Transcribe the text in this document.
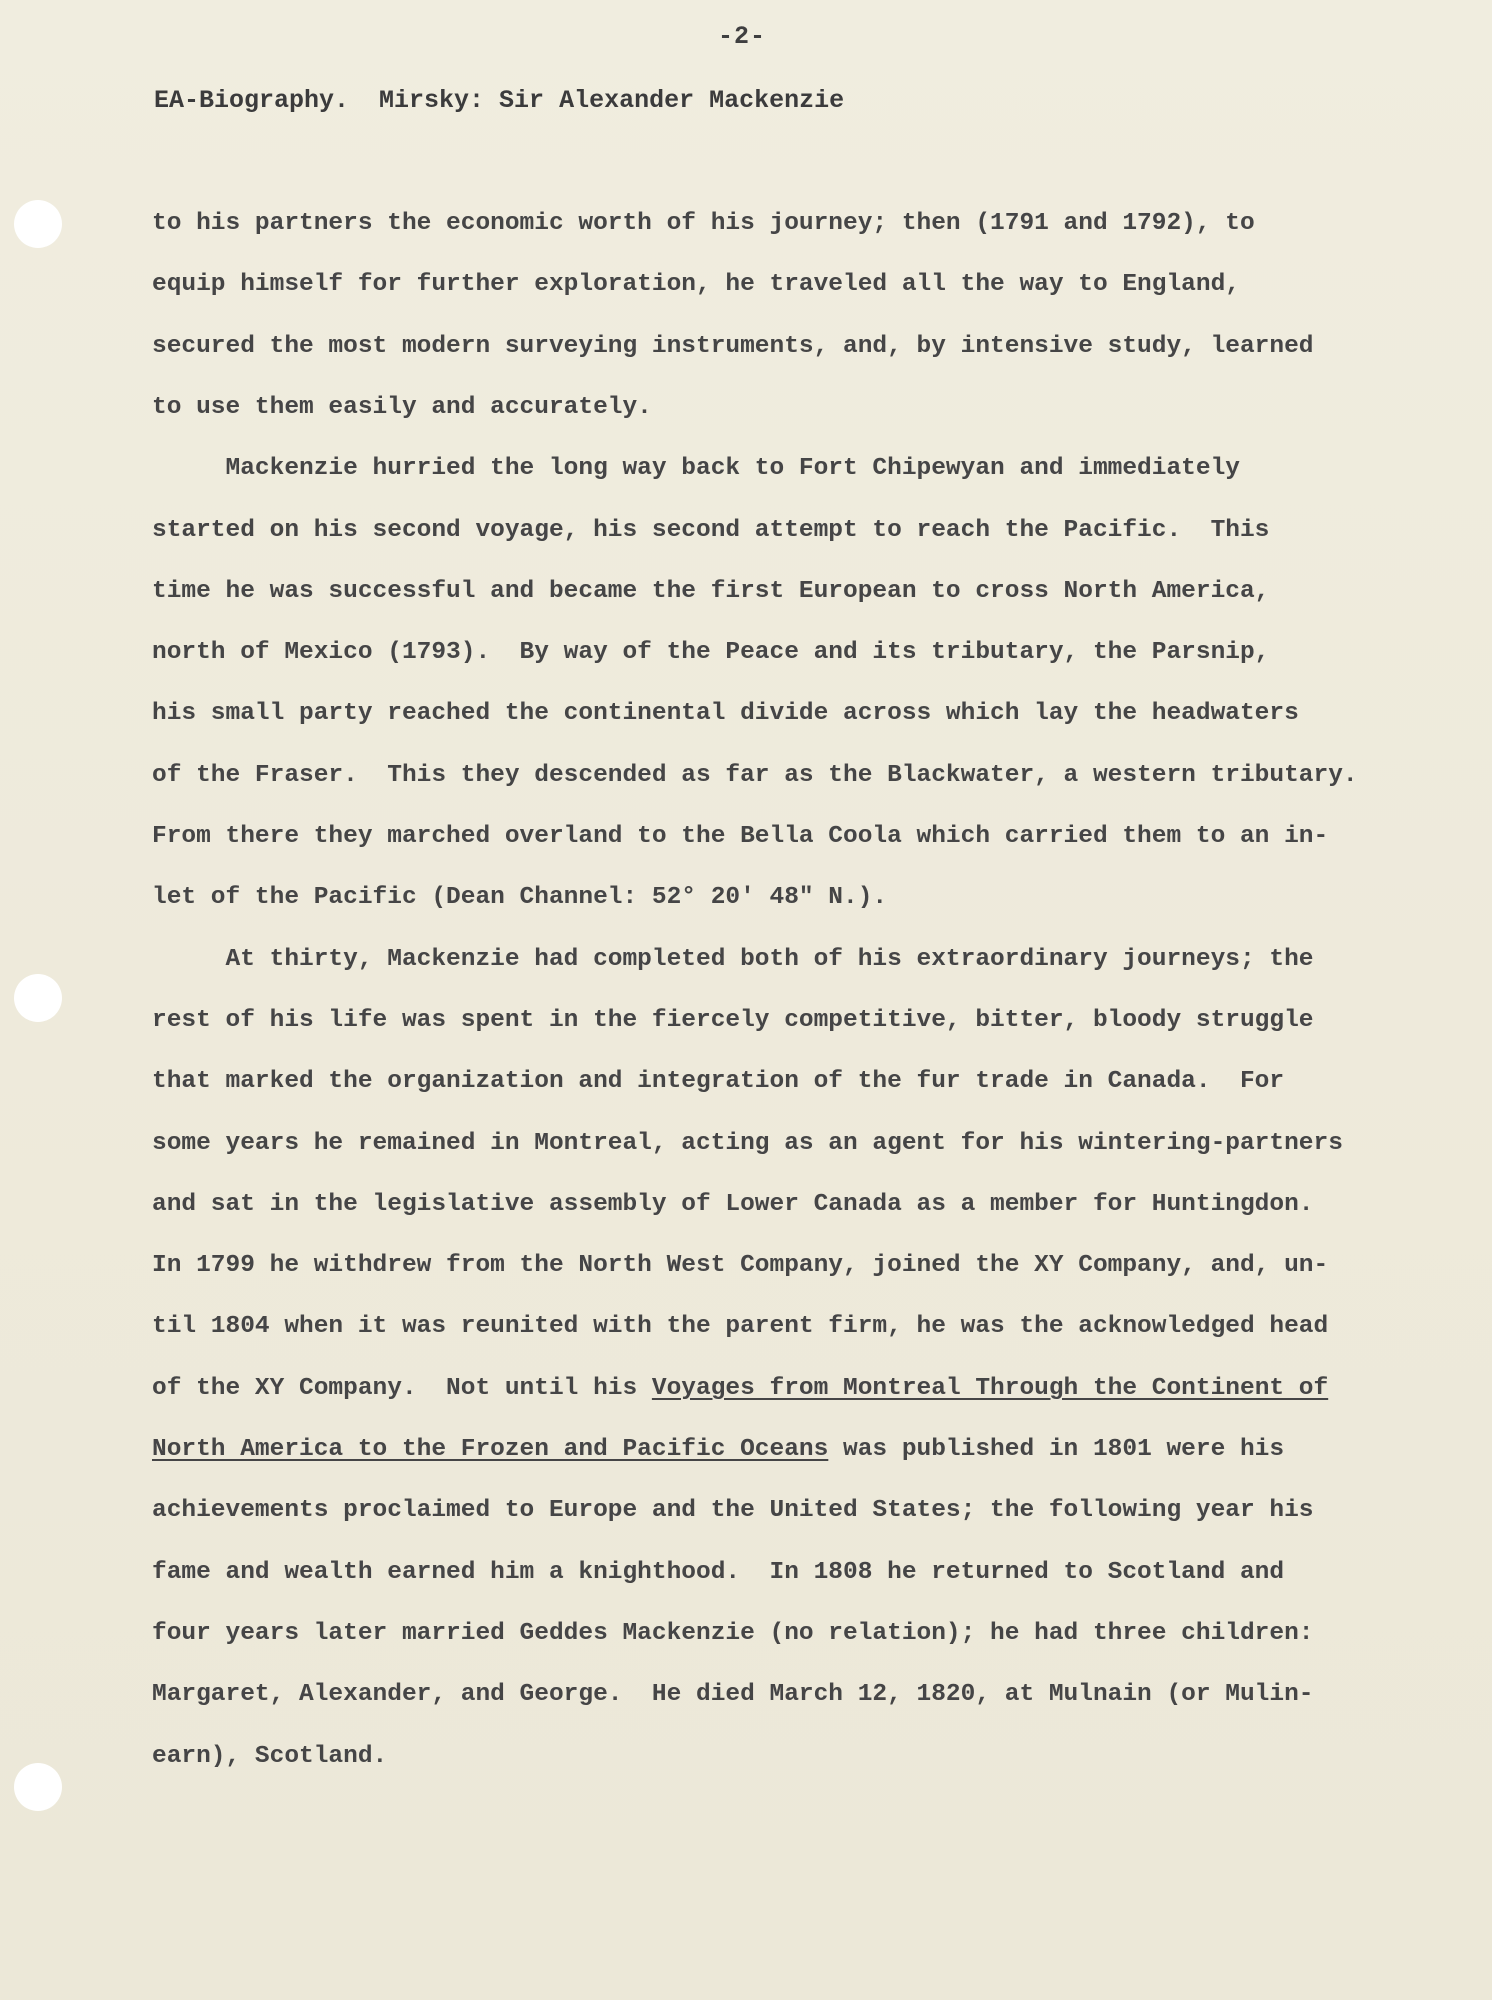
-2-
EA-Biography.  Mirsky: Sir Alexander Mackenzie
to his partners the economic worth of his journey; then (1791 and 1792), to
equip himself for further exploration, he traveled all the way to England,
secured the most modern surveying instruments, and, by intensive study, learned
to use them easily and accurately.
Mackenzie hurried the long way back to Fort Chipewyan and immediately
started on his second voyage, his second attempt to reach the Pacific.  This
time he was successful and became the first European to cross North America,
north of Mexico (1793).  By way of the Peace and its tributary, the Parsnip,
his small party reached the continental divide across which lay the headwaters
of the Fraser.  This they descended as far as the Blackwater, a western tributary.
From there they marched overland to the Bella Coola which carried them to an in-
let of the Pacific (Dean Channel: 52° 20' 48" N.).
At thirty, Mackenzie had completed both of his extraordinary journeys; the
rest of his life was spent in the fiercely competitive, bitter, bloody struggle
that marked the organization and integration of the fur trade in Canada.  For
some years he remained in Montreal, acting as an agent for his wintering-partners
and sat in the legislative assembly of Lower Canada as a member for Huntingdon.
In 1799 he withdrew from the North West Company, joined the XY Company, and, un-
til 1804 when it was reunited with the parent firm, he was the acknowledged head
of the XY Company.  Not until his Voyages from Montreal Through the Continent of
North America to the Frozen and Pacific Oceans was published in 1801 were his
achievements proclaimed to Europe and the United States; the following year his
fame and wealth earned him a knighthood.  In 1808 he returned to Scotland and
four years later married Geddes Mackenzie (no relation); he had three children:
Margaret, Alexander, and George.  He died March 12, 1820, at Mulnain (or Mulin-
earn), Scotland.
